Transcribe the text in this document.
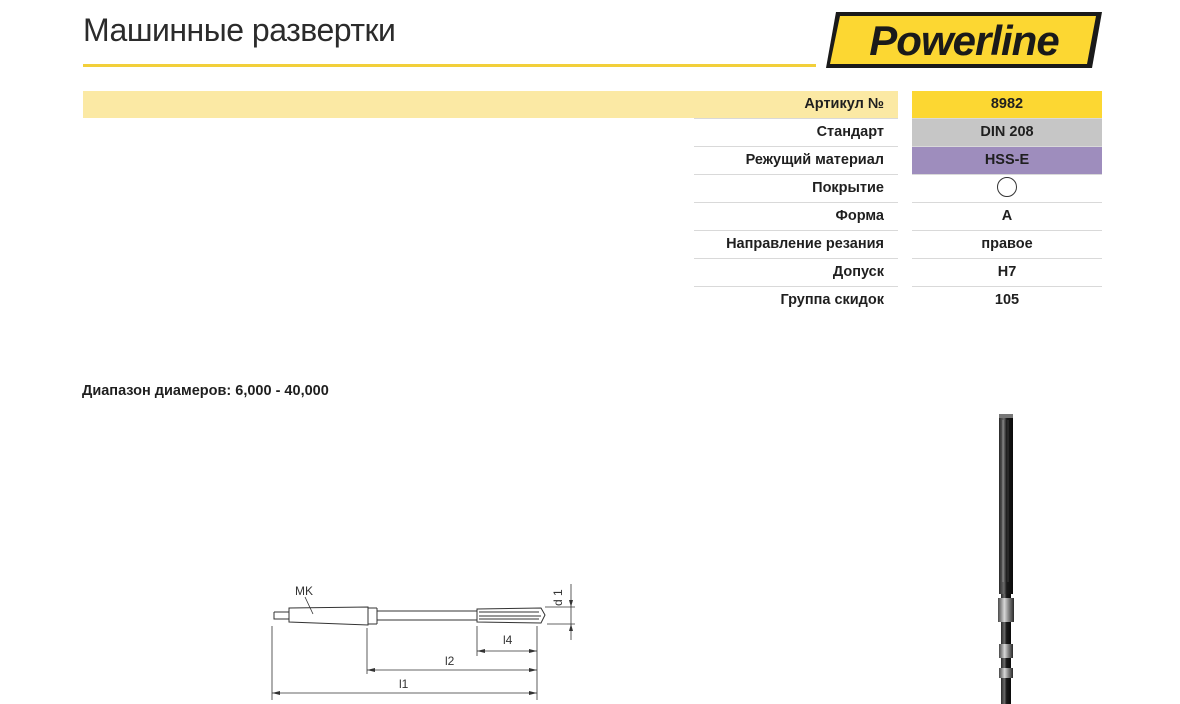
Машинные развертки	Powerline
Артикул №	8982
Стандарт	DIN 208
Режущий материал	HSS-E
Покрытие
Форма	A
Направление резания	правое
Допуск	H7
Группа скидок	105
Диапазон диамеров: 6,000 - 40,000
MK
l4
l2
l1
d 1
